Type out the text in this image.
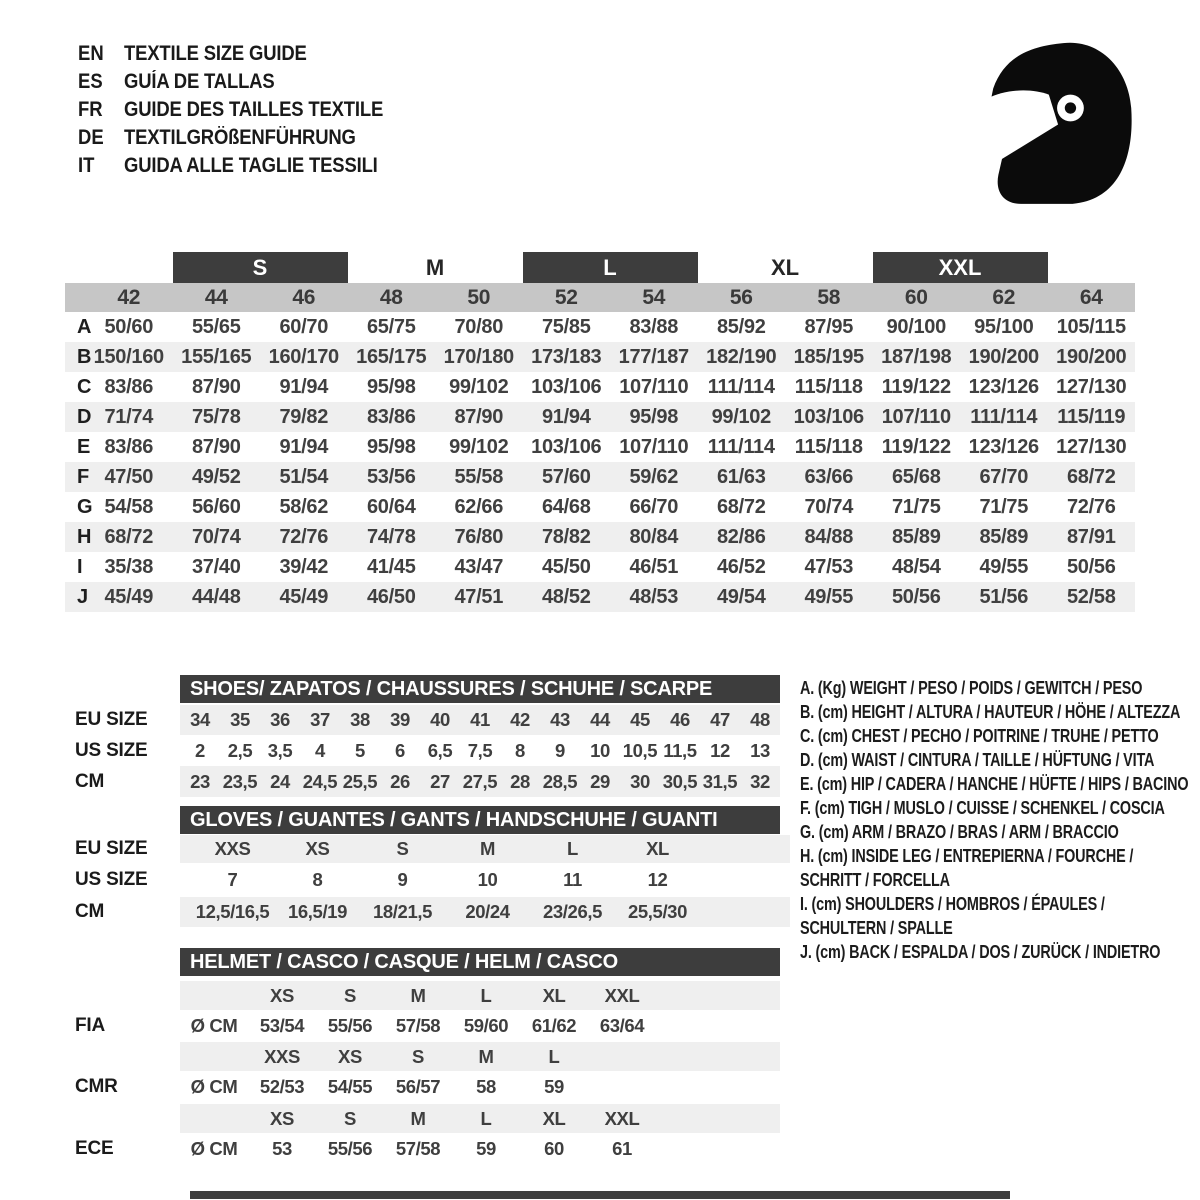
EN TEXTILE SIZE GUIDE
ES	GUÍA DE TALLAS
FR	GUIDE DES TAILLES TEXTILE
DE TEXTILGRÖßENFÜHRUNG
IT	GUIDA ALLE TAGLIE TESSILI
S	M	L	XL	XXL
42	44	46	48	50	52	54	56	58	60	62	64
A 50/60	55/65	60/70	65/75	70/80	75/85	83/88	85/92	87/95	90/100	95/100	105/115
B 150/160 155/165 160/170 165/175 170/180 173/183 177/187 182/190 185/195 187/198 190/200 190/200
C 83/86	87/90	91/94	95/98	99/102	103/106 107/110 111/114	115/118 119/122 123/126 127/130
D 71/74	75/78	79/82	83/86	87/90	91/94	95/98	99/102	103/106 107/110 111/114	115/119
E 83/86	87/90	91/94	95/98	99/102	103/106 107/110 111/114	115/118 119/122 123/126 127/130
F 47/50	49/52	51/54	53/56	55/58	57/60	59/62	61/63	63/66	65/68	67/70	68/72
G 54/58	56/60	58/62	60/64	62/66	64/68	66/70	68/72	70/74	71/75	71/75	72/76
H 68/72	70/74	72/76	74/78	76/80	78/82	80/84	82/86	84/88	85/89	85/89	87/91
I	35/38	37/40	39/42	41/45	43/47	45/50	46/51	46/52	47/53	48/54	49/55	50/56
J 45/49	44/48	45/49	46/50	47/51	48/52	48/53	49/54	49/55	50/56	51/56	52/58
SHOES/ ZAPATOS / CHAUSSURES / SCHUHE / SCARPE
GLOVES / GUANTES / GANTS / HANDSCHUHE / GUANTI
HELMET / CASCO / CASQUE / HELM / CASCO
A. (Kg) WEIGHT / PESO / POIDS / GEWITCH / PESO
B. (cm) HEIGHT / ALTURA / HAUTEUR / HÖHE / ALTEZZA
C. (cm) CHEST / PECHO / POITRINE / TRUHE / PETTO
D. (cm) WAIST / CINTURA / TAILLE / HÜFTUNG / VITA
E. (cm) HIP / CADERA / HANCHE / HÜFTE / HIPS / BACINO
F. (cm) TIGH / MUSLO / CUISSE / SCHENKEL / COSCIA
G. (cm) ARM / BRAZO / BRAS / ARM / BRACCIO
H. (cm) INSIDE LEG / ENTREPIERNA / FOURCHE /
SCHRITT / FORCELLA
I. (cm) SHOULDERS / HOMBROS / ÉPAULES /
SCHULTERN / SPALLE
J. (cm) BACK / ESPALDA / DOS / ZURÜCK / INDIETRO
EU SIZE	34	35	36	37	38	39	40	41	42	43	44	45	46	47	48
US SIZE	2	2,5 3,5	4	5	6	6,5 7,5	8	9	10 10,5 11,5 12	13
CM	23 23,5 24 24,5 25,5 26	27 27,5 28 28,5 29	30 30,5 31,5 32
EU SIZE	XXS	XS	S	M	L	XL
US SIZE	7	8	9	10	11	12
CM	12,5/16,5	16,5/19	18/21,5	20/24	23/26,5	25,5/30
XS	S	M	L	XL	XXL
Ø CM	53/54	55/56	57/58	59/60	61/62	63/64
FIA
XXS	XS	S	M	L
Ø CM	52/53	54/55	56/57	58	59
CMR
XS	S	M	L	XL	XXL
Ø CM	53	55/56	57/58	59	60	61
ECE
